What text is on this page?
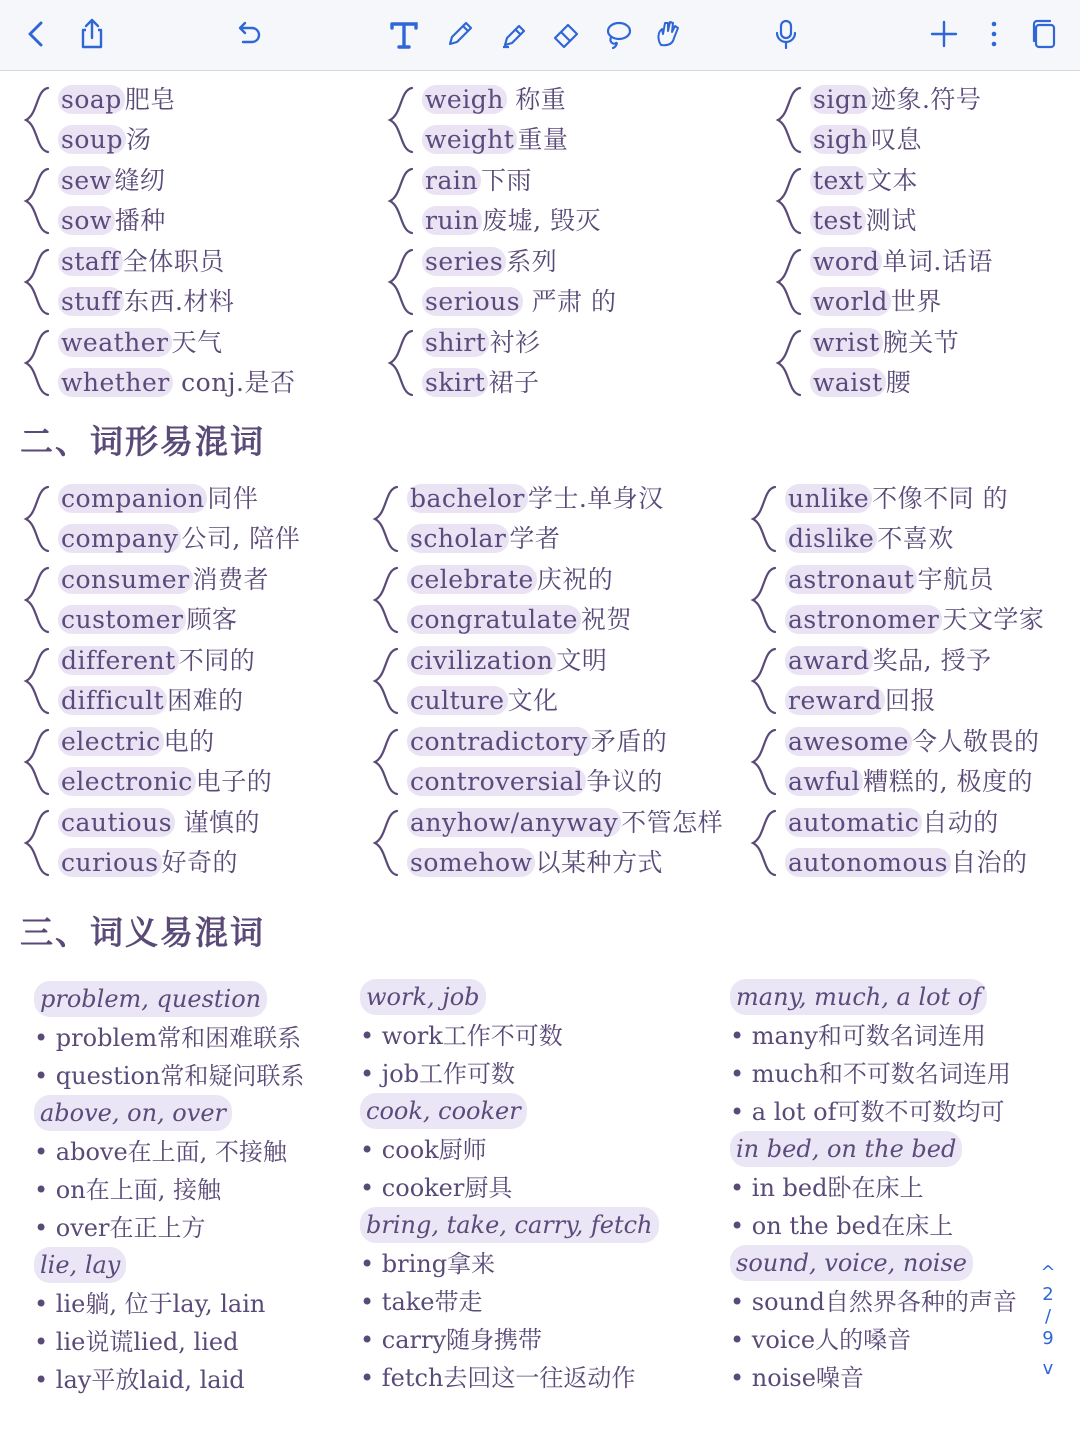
soap 肥皂
soup 汤
sew 缝纫
sow 播种
staff 全体职员
stuff 东西.材料
weather 天气
whether conj.是否
weigh 称重
weight 重量
rain 下雨
ruin 废墟, 毁灭
series 系列
serious 严肃 的
shirt 衬衫
skirt 裙子
sign 迹象.符号
sigh 叹息
text 文本
test 测试
word 单词.话语
world 世界
wrist 腕关节
waist 腰
二、词形易混词
companion 同伴
company 公司, 陪伴
consumer 消费者
customer 顾客
different 不同的
difficult 困难的
electric 电的
electronic 电子的
cautious 谨慎的
curious 好奇的
bachelor 学士.单身汉
scholar 学者
celebrate 庆祝的
congratulate 祝贺
civilization 文明
culture 文化
contradictory 矛盾的
controversial 争议的
anyhow/anyway 不管怎样
somehow 以某种方式
unlike 不像不同 的
dislike 不喜欢
astronaut 宇航员
astronomer 天文学家
award 奖品, 授予
reward 回报
awesome 令人敬畏的
awful 糟糕的, 极度的
automatic 自动的
autonomous 自治的
三、词义易混词
problem, question
• problem常和困难联系
• question常和疑问联系
above, on, over
• above在上面, 不接触
• on在上面, 接触
• over在正上方
lie, lay
• lie躺, 位于lay, lain
• lie说谎lied, lied
• lay平放laid, laid
work, job
• work工作不可数
• job工作可数
cook, cooker
• cook厨师
• cooker厨具
bring, take, carry, fetch
• bring拿来
• take带走
• carry随身携带
• fetch去回这一往返动作
many, much, a lot of
• many和可数名词连用
• much和不可数名词连用
• a lot of可数不可数均可
in bed, on the bed
• in bed卧在床上
• on the bed在床上
sound, voice, noise
• sound自然界各种的声音
• voice人的嗓音
• noise噪音
^
2
/
9
v
